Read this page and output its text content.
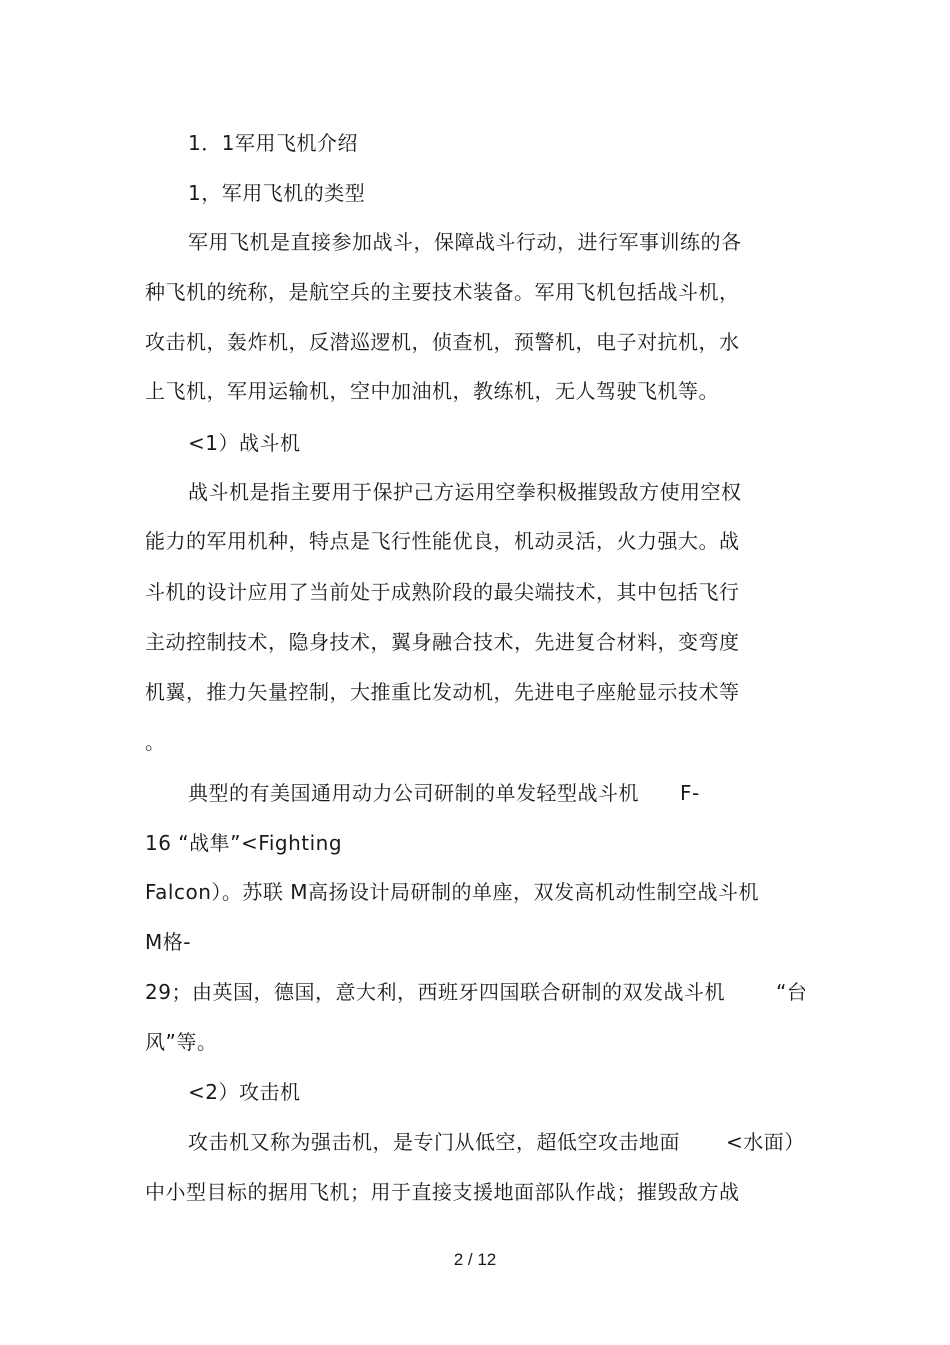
1．1军用飞机介绍
1，军用飞机的类型
军用飞机是直接参加战斗，保障战斗行动，进行军事训练的各
种飞机的统称，是航空兵的主要技术装备。军用飞机包括战斗机，
攻击机，轰炸机，反潜巡逻机，侦查机，预警机，电子对抗机，水
上飞机，军用运输机，空中加油机，教练机，无人驾驶飞机等。
<1）战斗机
战斗机是指主要用于保护己方运用空拳积极摧毁敌方使用空权
能力的军用机种，特点是飞行性能优良，机动灵活，火力强大。战
斗机的设计应用了当前处于成熟阶段的最尖端技术，其中包括飞行
主动控制技术，隐身技术，翼身融合技术，先进复合材料，变弯度
机翼，推力矢量控制，大推重比发动机，先进电子座舱显示技术等
。
典型的有美国通用动力公司研制的单发轻型战斗机 F-
16 “战隼”<Fighting
Falcon）。苏联 M高扬设计局研制的单座，双发高机动性制空战斗机
M格-
29；由英国，德国，意大利，西班牙四国联合研制的双发战斗机	“台
风”等。
<2）攻击机
攻击机又称为强击机，是专门从低空，超低空攻击地面 <水面）
中小型目标的据用飞机；用于直接支援地面部队作战；摧毁敌方战
2 / 12
